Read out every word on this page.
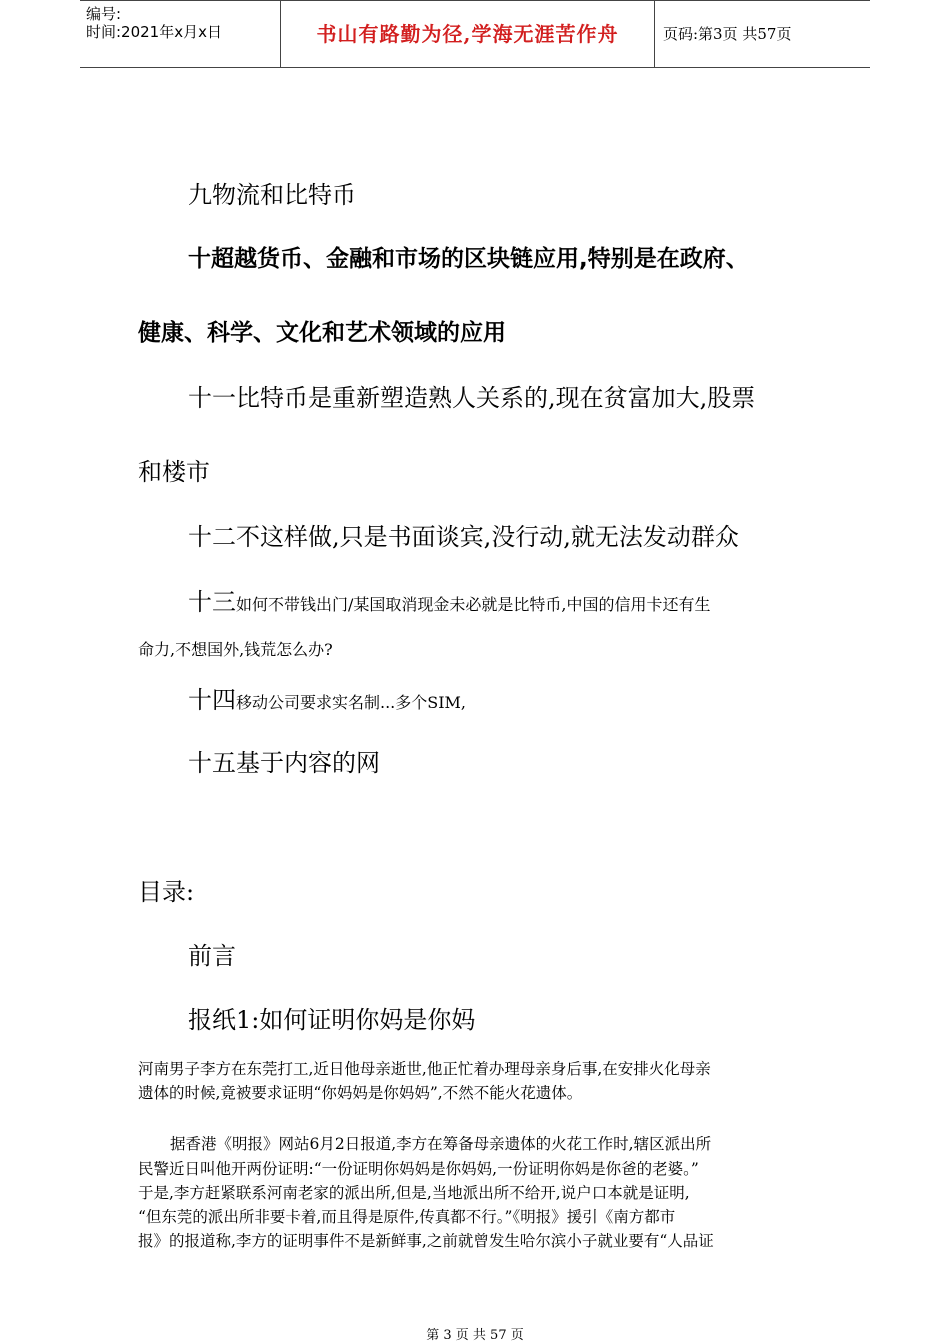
编号:
时间:2021年x月x日	书山有路勤为径,学海无涯苦作舟	页码:第3页 共57页
九物流和比特币
十超越货币、金融和市场的区块链应用,特别是在政府、
健康、科学、文化和艺术领域的应用
十一比特币是重新塑造熟人关系的,现在贫富加大,股票
和楼市
十二不这样做,只是书面谈宾,没行动,就无法发动群众
十三如何不带钱出门/某国取消现金未必就是比特币,中国的信用卡还有生
命力,不想国外,钱荒怎么办?
十四移动公司要求实名制...多个SIM,
十五基于内容的网
目录:
前言
报纸1:如何证明你妈是你妈
河南男子李方在东莞打工,近日他母亲逝世,他正忙着办理母亲身后事,在安排火化母亲
遗体的时候,竟被要求证明“你妈妈是你妈妈”,不然不能火花遗体。
据香港《明报》网站6月2日报道,李方在筹备母亲遗体的火花工作时,辖区派出所
民警近日叫他开两份证明:“一份证明你妈妈是你妈妈,一份证明你妈是你爸的老婆。”
于是,李方赶紧联系河南老家的派出所,但是,当地派出所不给开,说户口本就是证明,
“但东莞的派出所非要卡着,而且得是原件,传真都不行。”《明报》援引《南方都市
报》的报道称,李方的证明事件不是新鲜事,之前就曾发生哈尔滨小子就业要有“人品证
第 3 页 共 57 页
